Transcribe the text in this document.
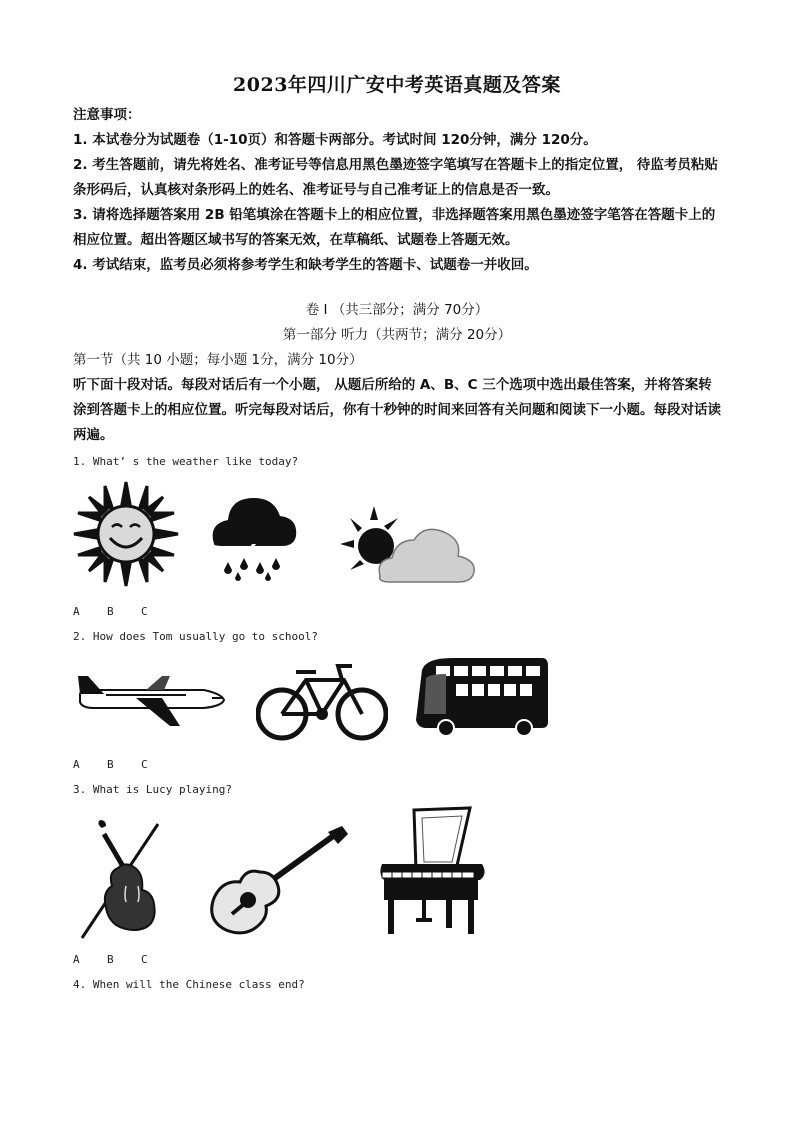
2023年四川广安中考英语真题及答案

注意事项：

1. 本试卷分为试题卷（1-10页）和答题卡两部分。考试时间 120分钟，满分 120分。

2. 考生答题前，请先将姓名、准考证号等信息用黑色墨迹签字笔填写在答题卡上的指定位置， 待监考员粘贴条形码后，认真核对条形码上的姓名、准考证号与自己准考证上的信息是否一致。

3. 请将选择题答案用 2B 铅笔填涂在答题卡上的相应位置，非选择题答案用黑色墨迹签字笔答在答题卡上的相应位置。超出答题区域书写的答案无效，在草稿纸、试题卷上答题无效。

4. 考试结束，监考员必须将参考学生和缺考学生的答题卡、试题卷一并收回。

卷 I （共三部分；满分 70分）
第一部分 听力（共两节；满分 20分）
第一节（共 10 小题；每小题 1分，满分 10分）
听下面十段对话。每段对话后有一个小题， 从题后所给的 A、B、C 三个选项中选出最佳答案，并将答案转涂到答题卡上的相应位置。听完每段对话后，你有十秒钟的时间来回答有关问题和阅读下一小题。每段对话读两遍。
1. What’ s the weather like today?
A B C
2. How does Tom usually go to school?
A B C
3. What is Lucy playing?
A B C
4. When will the Chinese class end?
